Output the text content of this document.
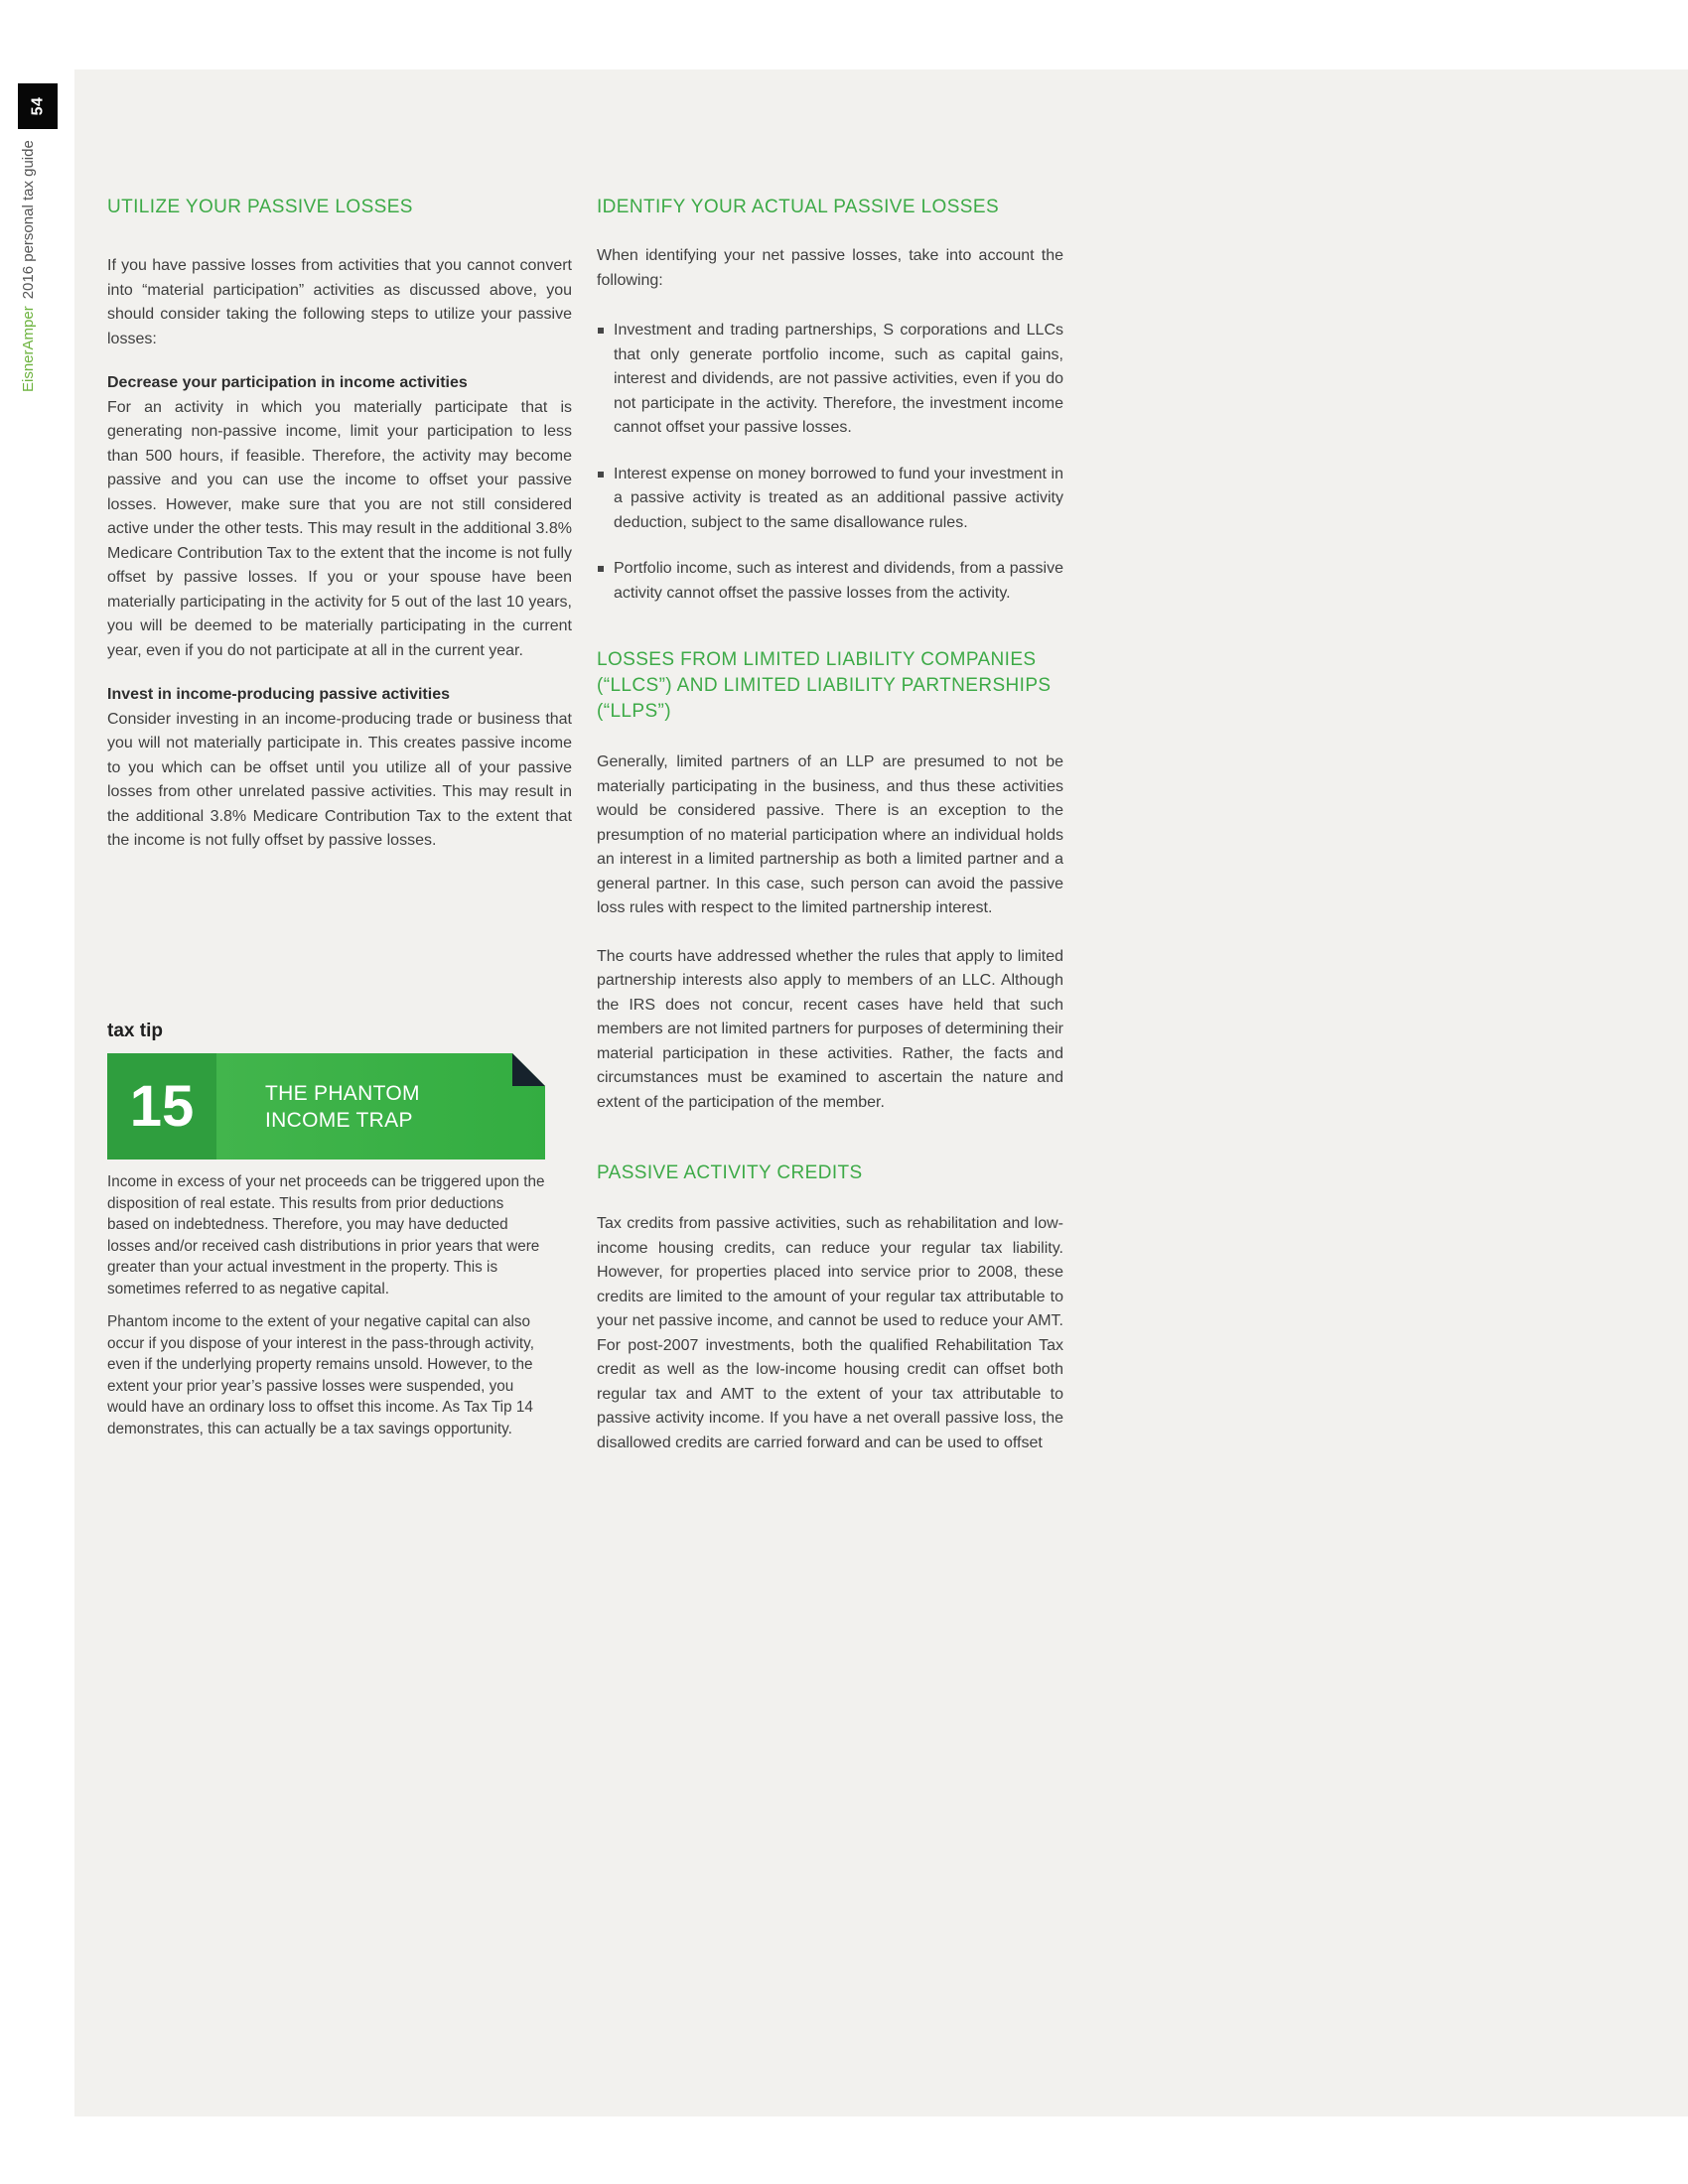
54
EisnerAmper2016 personal tax guide	UTILIZE YOUR PASSIVE LOSSES

If you have passive losses from activities that you cannot convert into “material participation” activities as discussed above, you should consider taking the following steps to utilize your passive losses:

Decrease your participation in income activities

For an activity in which you materially participate that is generating non-passive income, limit your participation to less than 500 hours, if feasible. Therefore, the activity may become passive and you can use the income to offset your passive losses. However, make sure that you are not still considered active under the other tests. This may result in the additional 3.8% Medicare Contribution Tax to the extent that the income is not fully offset by passive losses. If you or your spouse have been materially participating in the activity for 5 out of the last 10 years, you will be deemed to be materially participating in the current year, even if you do not participate at all in the current year.

Invest in income-producing passive activities

Consider investing in an income-producing trade or business that you will not materially participate in. This creates passive income to you which can be offset until you utilize all of your passive losses from other unrelated passive activities. This may result in the additional 3.8% Medicare Contribution Tax to the extent that the income is not fully offset by passive losses.

tax tip
15	THE PHANTOM INCOME TRAP

Income in excess of your net proceeds can be triggered upon the disposition of real estate. This results from prior deductions based on indebtedness. Therefore, you may have deducted losses and/or received cash distributions in prior years that were greater than your actual investment in the property. This is sometimes referred to as negative capital.

Phantom income to the extent of your negative capital can also occur if you dispose of your interest in the pass-through activity, even if the underlying property remains unsold. However, to the extent your prior year’s passive losses were suspended, you would have an ordinary loss to offset this income. As Tax Tip 14 demonstrates, this can actually be a tax savings opportunity.

IDENTIFY YOUR ACTUAL PASSIVE LOSSES

When identifying your net passive losses, take into account the following:

Investment and trading partnerships, S corporations and LLCs that only generate portfolio income, such as capital gains, interest and dividends, are not passive activities, even if you do not participate in the activity. Therefore, the investment income cannot offset your passive losses.
Interest expense on money borrowed to fund your investment in a passive activity is treated as an additional passive activity deduction, subject to the same disallowance rules.
Portfolio income, such as interest and dividends, from a passive activity cannot offset the passive losses from the activity.
LOSSES FROM LIMITED LIABILITY COMPANIES (“LLCS”) AND LIMITED LIABILITY PARTNERSHIPS (“LLPS”)

Generally, limited partners of an LLP are presumed to not be materially participating in the business, and thus these activities would be considered passive. There is an exception to the presumption of no material participation where an individual holds an interest in a limited partnership as both a limited partner and a general partner. In this case, such person can avoid the passive loss rules with respect to the limited partnership interest.

The courts have addressed whether the rules that apply to limited partnership interests also apply to members of an LLC. Although the IRS does not concur, recent cases have held that such members are not limited partners for purposes of determining their material participation in these activities. Rather, the facts and circumstances must be examined to ascertain the nature and extent of the participation of the member.

PASSIVE ACTIVITY CREDITS

Tax credits from passive activities, such as rehabilitation and low-income housing credits, can reduce your regular tax liability. However, for properties placed into service prior to 2008, these credits are limited to the amount of your regular tax attributable to your net passive income, and cannot be used to reduce your AMT. For post-2007 investments, both the qualified Rehabilitation Tax credit as well as the low-income housing credit can offset both regular tax and AMT to the extent of your tax attributable to passive activity income. If you have a net overall passive loss, the disallowed credits are carried forward and can be used to offset
